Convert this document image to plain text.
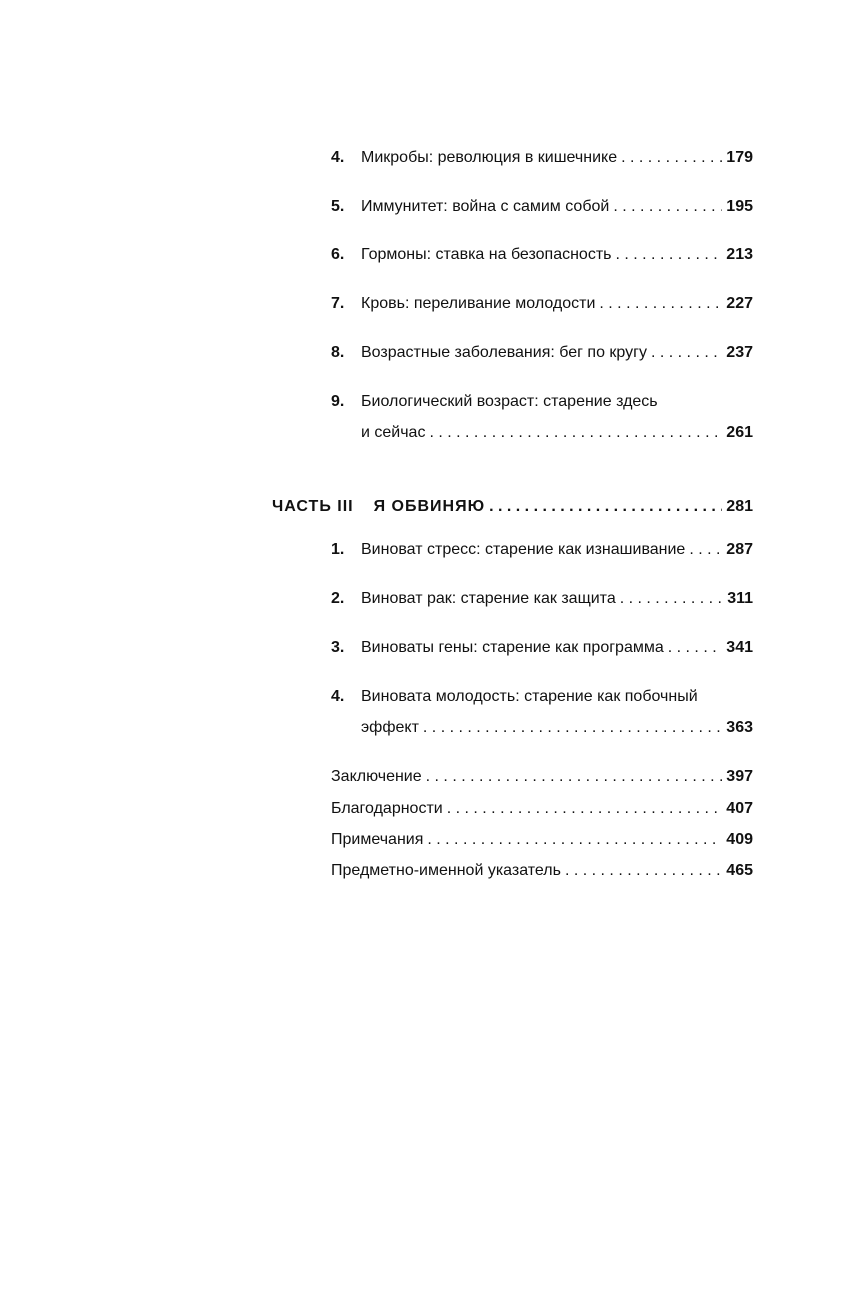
4. Микробы: революция в кишечнике . . .	179
5. Иммунитет: война с самим собой . . .	195
6. Гормоны: ставка на безопасность . . .	213
7. Кровь: переливание молодости . . .	227
8. Возрастные заболевания: бег по кругу . . .	237
9. Биологический возраст: старение здесь
и сейчас . . .	261
ЧАСТЬ III Я ОБВИНЯЮ . . .	281
1. Виноват стресс: старение как изнашивание . . .	287
2. Виноват рак: старение как защита . . .	311
3. Виноваты гены: старение как программа . . .	341
4. Виновата молодость: старение как побочный
эффект . . .	363
Заключение . . .	397
Благодарности . . .	407
Примечания . . .	409
Предметно-именной указатель . . .	465
